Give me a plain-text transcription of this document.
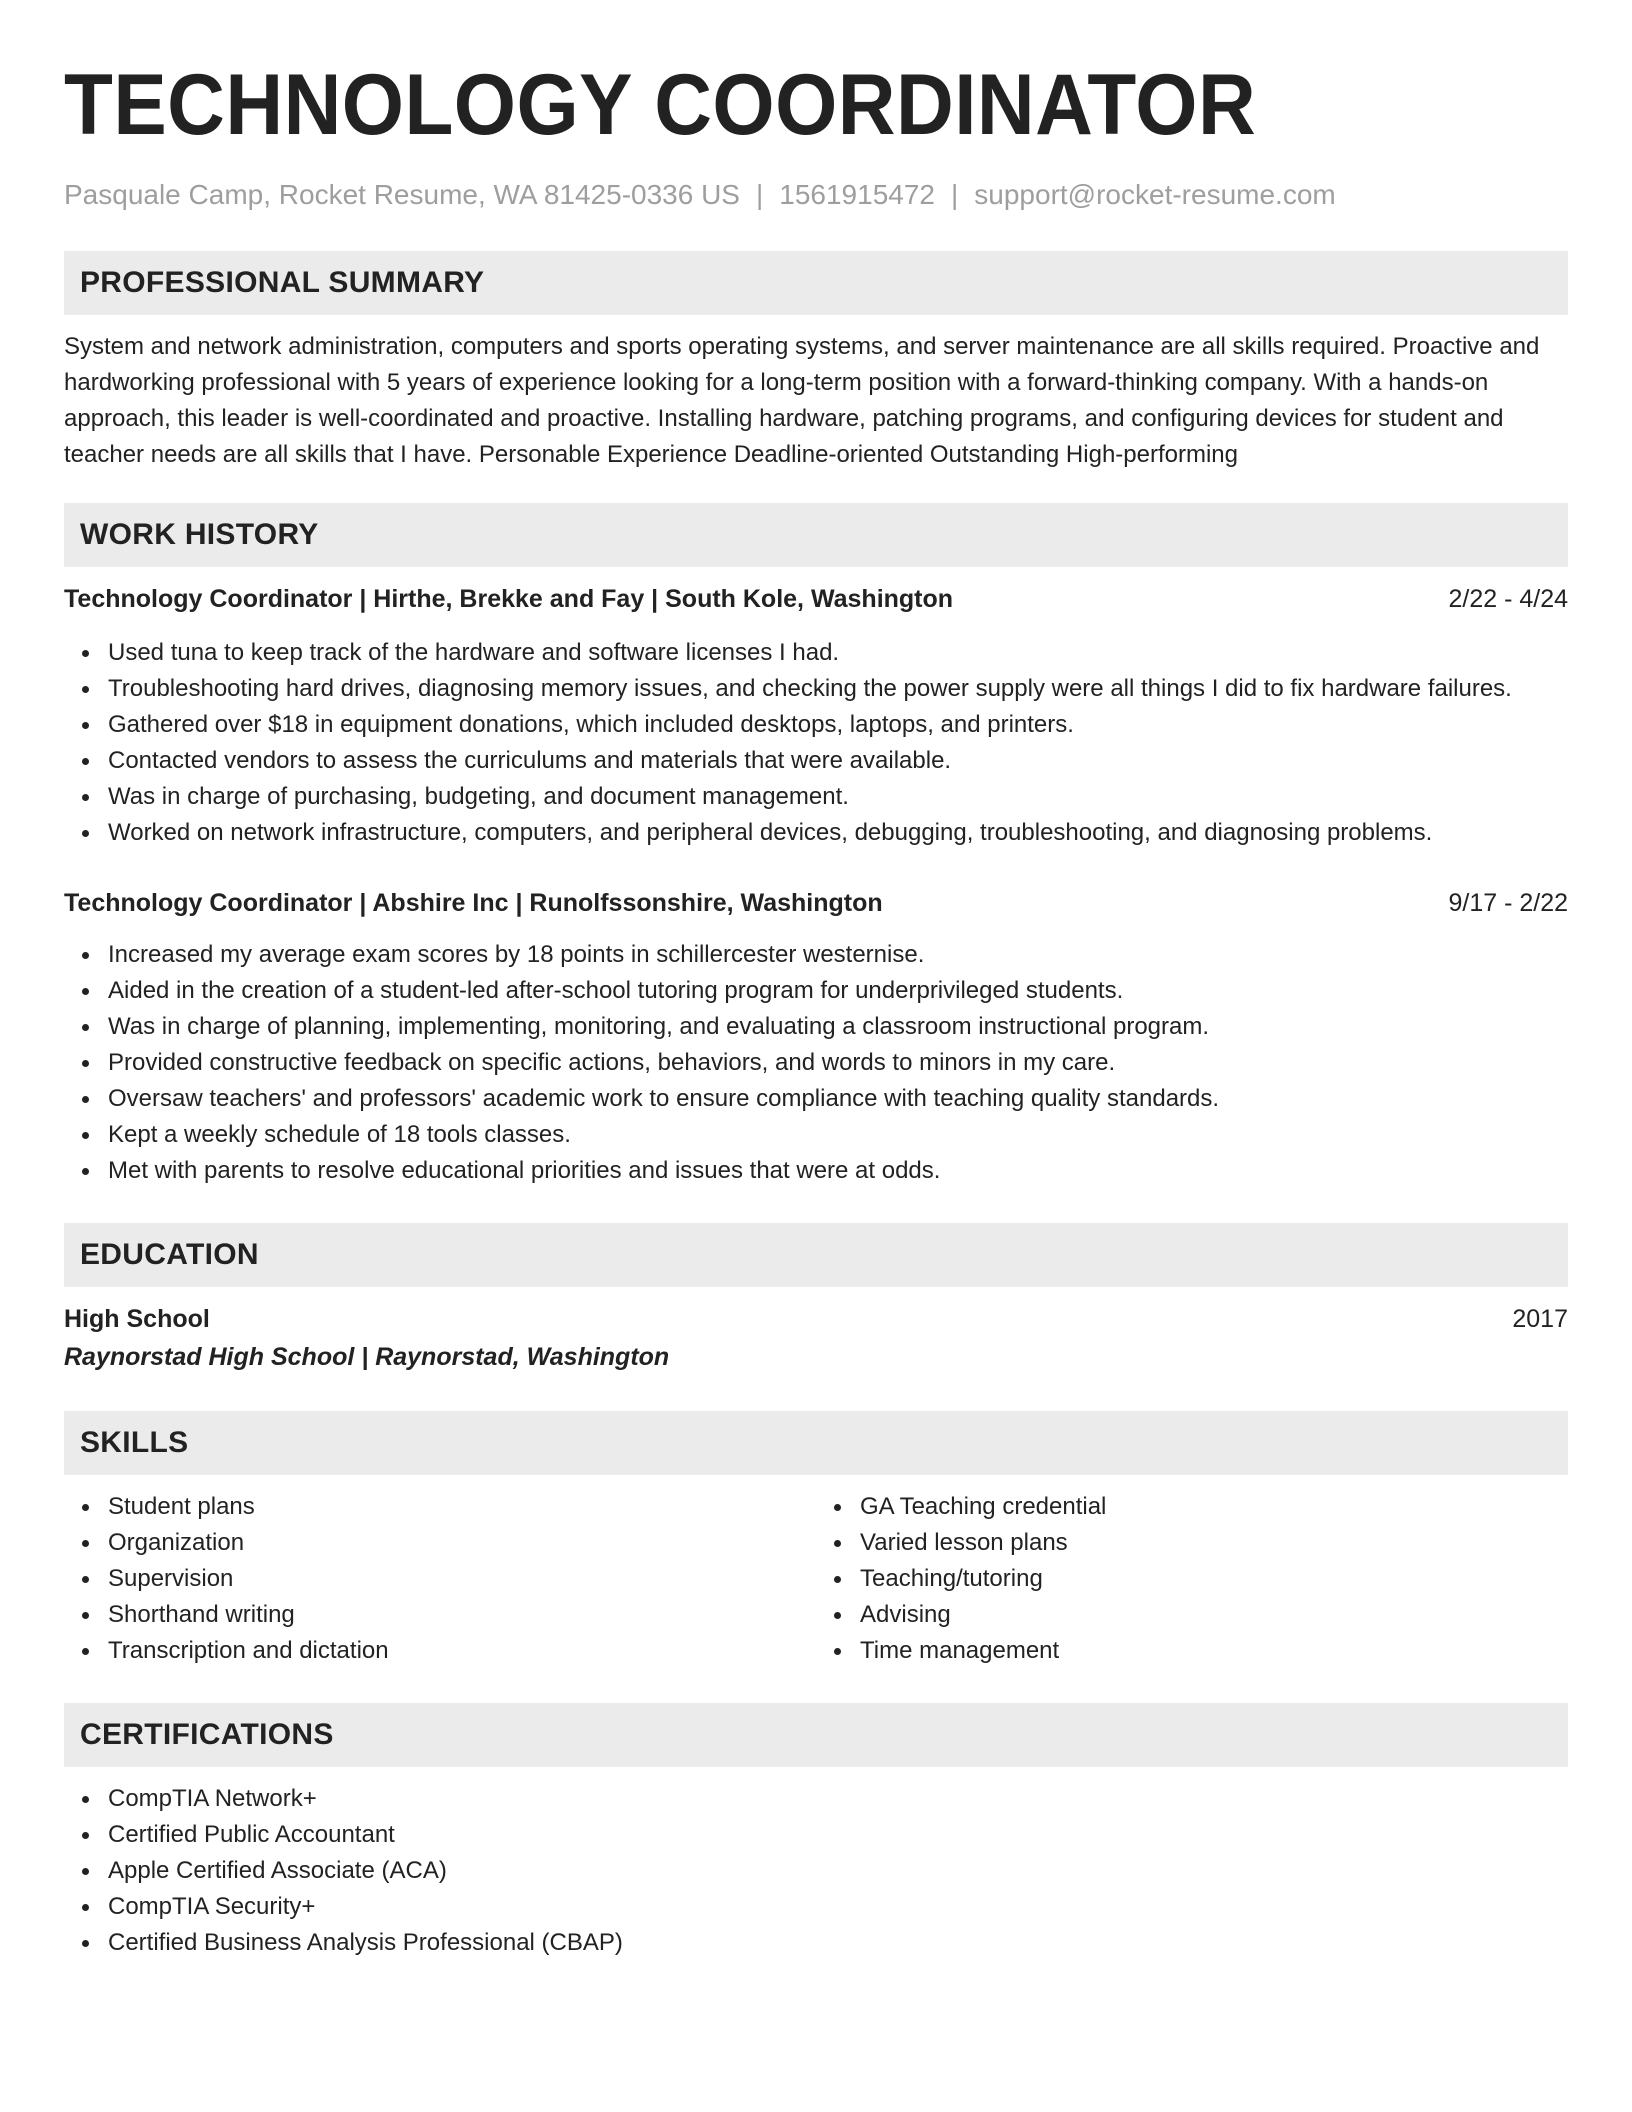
TECHNOLOGY COORDINATOR
Pasquale Camp, Rocket Resume, WA 81425-0336 US | 1561915472 | support@rocket-resume.com
PROFESSIONAL SUMMARY

System and network administration, computers and sports operating systems, and server maintenance are all skills required. Proactive and hardworking professional with 5 years of experience looking for a long-term position with a forward-thinking company. With a hands-on approach, this leader is well-coordinated and proactive. Installing hardware, patching programs, and configuring devices for student and teacher needs are all skills that I have. Personable Experience Deadline-oriented Outstanding High-performing

WORK HISTORY
Technology Coordinator | Hirthe, Brekke and Fay | South Kole, Washington	2/22 - 4/24
Used tuna to keep track of the hardware and software licenses I had.
Troubleshooting hard drives, diagnosing memory issues, and checking the power supply were all things I did to fix hardware failures.
Gathered over $18 in equipment donations, which included desktops, laptops, and printers.
Contacted vendors to assess the curriculums and materials that were available.
Was in charge of purchasing, budgeting, and document management.
Worked on network infrastructure, computers, and peripheral devices, debugging, troubleshooting, and diagnosing problems.
Technology Coordinator | Abshire Inc | Runolfssonshire, Washington	9/17 - 2/22
Increased my average exam scores by 18 points in schillercester westernise.
Aided in the creation of a student-led after-school tutoring program for underprivileged students.
Was in charge of planning, implementing, monitoring, and evaluating a classroom instructional program.
Provided constructive feedback on specific actions, behaviors, and words to minors in my care.
Oversaw teachers' and professors' academic work to ensure compliance with teaching quality standards.
Kept a weekly schedule of 18 tools classes.
Met with parents to resolve educational priorities and issues that were at odds.
EDUCATION
High School	2017
Raynorstad High School | Raynorstad, Washington
SKILLS
Student plans
Organization
Supervision
Shorthand writing
Transcription and dictation
GA Teaching credential
Varied lesson plans
Teaching/tutoring
Advising
Time management
CERTIFICATIONS
CompTIA Network+
Certified Public Accountant
Apple Certified Associate (ACA)
CompTIA Security+
Certified Business Analysis Professional (CBAP)
